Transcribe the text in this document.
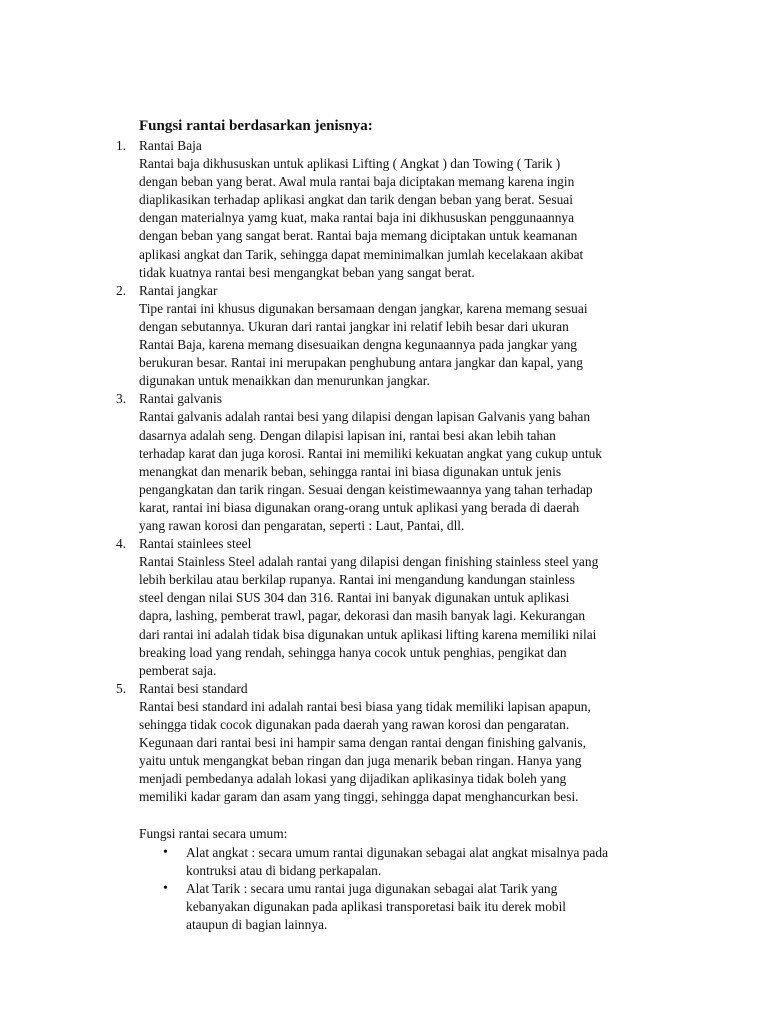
Fungsi rantai berdasarkan jenisnya:
1. Rantai Baja
Rantai baja dikhususkan untuk aplikasi Lifting ( Angkat ) dan Towing ( Tarik )
dengan beban yang berat. Awal mula rantai baja diciptakan memang karena ingin
diaplikasikan terhadap aplikasi angkat dan tarik dengan beban yang berat. Sesuai
dengan materialnya yamg kuat, maka rantai baja ini dikhususkan penggunaannya
dengan beban yang sangat berat. Rantai baja memang diciptakan untuk keamanan
aplikasi angkat dan Tarik, sehingga dapat meminimalkan jumlah kecelakaan akibat
tidak kuatnya rantai besi mengangkat beban yang sangat berat.
2. Rantai jangkar
Tipe rantai ini khusus digunakan bersamaan dengan jangkar, karena memang sesuai
dengan sebutannya. Ukuran dari rantai jangkar ini relatif lebih besar dari ukuran
Rantai Baja, karena memang disesuaikan dengna kegunaannya pada jangkar yang
berukuran besar. Rantai ini merupakan penghubung antara jangkar dan kapal, yang
digunakan untuk menaikkan dan menurunkan jangkar.
3. Rantai galvanis
Rantai galvanis adalah rantai besi yang dilapisi dengan lapisan Galvanis yang bahan
dasarnya adalah seng. Dengan dilapisi lapisan ini, rantai besi akan lebih tahan
terhadap karat dan juga korosi. Rantai ini memiliki kekuatan angkat yang cukup untuk
menangkat dan menarik beban, sehingga rantai ini biasa digunakan untuk jenis
pengangkatan dan tarik ringan. Sesuai dengan keistimewaannya yang tahan terhadap
karat, rantai ini biasa digunakan orang-orang untuk aplikasi yang berada di daerah
yang rawan korosi dan pengaratan, seperti : Laut, Pantai, dll.
4. Rantai stainlees steel
Rantai Stainless Steel adalah rantai yang dilapisi dengan finishing stainless steel yang
lebih berkilau atau berkilap rupanya. Rantai ini mengandung kandungan stainless
steel dengan nilai SUS 304 dan 316. Rantai ini banyak digunakan untuk aplikasi
dapra, lashing, pemberat trawl, pagar, dekorasi dan masih banyak lagi. Kekurangan
dari rantai ini adalah tidak bisa digunakan untuk aplikasi lifting karena memiliki nilai
breaking load yang rendah, sehingga hanya cocok untuk penghias, pengikat dan
pemberat saja.
5. Rantai besi standard
Rantai besi standard ini adalah rantai besi biasa yang tidak memiliki lapisan apapun,
sehingga tidak cocok digunakan pada daerah yang rawan korosi dan pengaratan.
Kegunaan dari rantai besi ini hampir sama dengan rantai dengan finishing galvanis,
yaitu untuk mengangkat beban ringan dan juga menarik beban ringan. Hanya yang
menjadi pembedanya adalah lokasi yang dijadikan aplikasinya tidak boleh yang
memiliki kadar garam dan asam yang tinggi, sehingga dapat menghancurkan besi.
Fungsi rantai secara umum:
• Alat angkat : secara umum rantai digunakan sebagai alat angkat misalnya pada
kontruksi atau di bidang perkapalan.
• Alat Tarik : secara umu rantai juga digunakan sebagai alat Tarik yang
kebanyakan digunakan pada aplikasi transporetasi baik itu derek mobil
ataupun di bagian lainnya.
